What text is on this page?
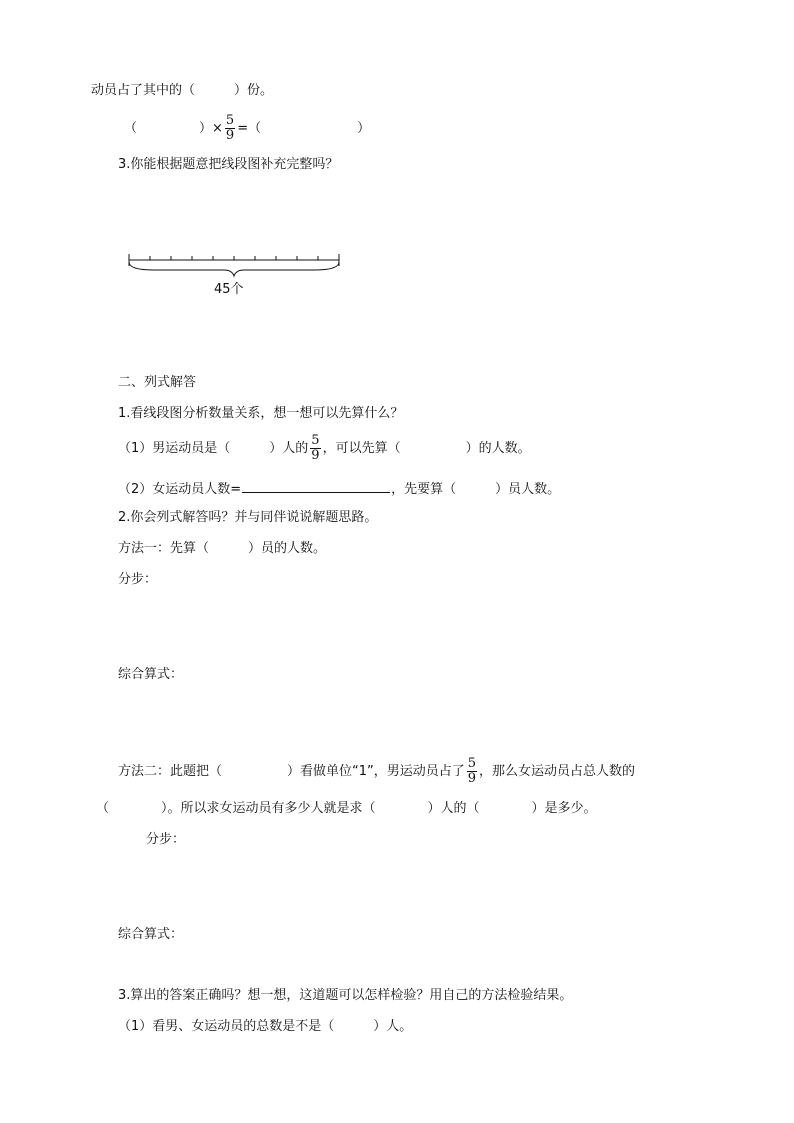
动员占了其中的（　　　）份。
（	）× $\frac{5}{9}$ =（	）
3.你能根据题意把线段图补充完整吗？
45个
二、列式解答
1.看线段图分析数量关系，想一想可以先算什么？
（1）男运动员是（　　　）人的 $\frac{5}{9}$ ，可以先算（　　　　　）的人数。
（2）女运动员人数=	，先要算（　　　）员人数。
2.你会列式解答吗？并与同伴说说解题思路。
方法一：先算（　　　）员的人数。
分步：
综合算式：
方法二：此题把（　　　　　）看做单位“1”，男运动员占了 $\frac{5}{9}$ ，那么女运动员占总人数的
（　　　　）。所以求女运动员有多少人就是求（　　　　）人的（　　　　）是多少。
分步：
综合算式：
3.算出的答案正确吗？想一想，这道题可以怎样检验？用自己的方法检验结果。
（1）看男、女运动员的总数是不是（　　　）人。
